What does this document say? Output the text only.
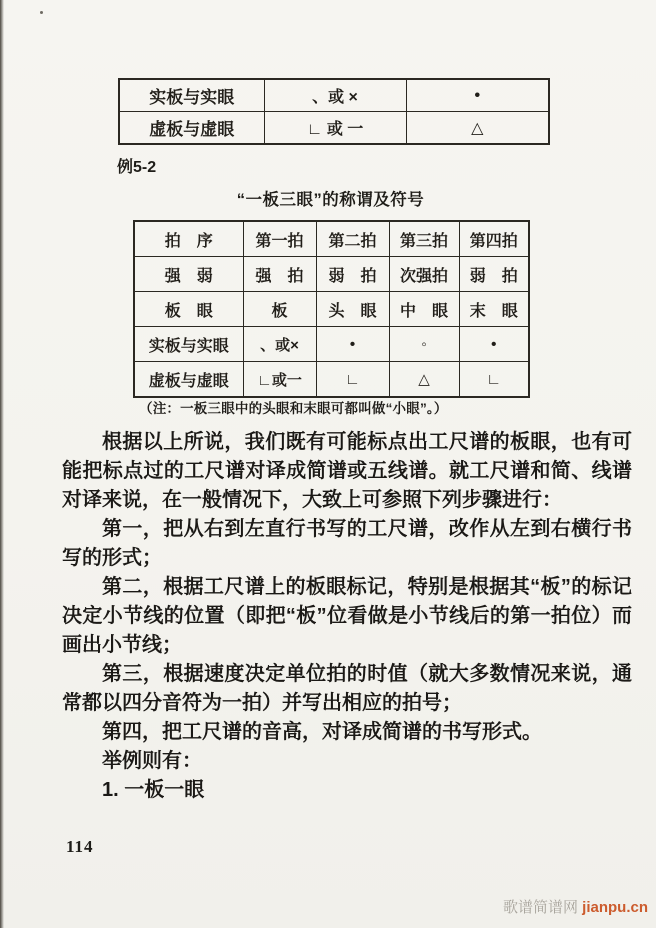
实板与实眼	、或 ×	•
虚板与虚眼	∟ 或 一	△
例5-2
“一板三眼”的称谓及符号
拍　序	第一拍	第二拍	第三拍	第四拍
强　弱	强　拍	弱　拍	次强拍	弱　拍
板　眼	板	头　眼	中　眼	末　眼
实板与实眼	、或×	•	◦	•
虚板与虚眼	∟或一	∟	△	∟
（注：一板三眼中的头眼和末眼可都叫做“小眼”。）

根据以上所说，我们既有可能标点出工尺谱的板眼，也有可能把标点过的工尺谱对译成简谱或五线谱。就工尺谱和简、线谱对译来说，在一般情况下，大致上可参照下列步骤进行：

第一，把从右到左直行书写的工尺谱，改作从左到右横行书写的形式；

第二，根据工尺谱上的板眼标记，特别是根据其“板”的标记决定小节线的位置（即把“板”位看做是小节线后的第一拍位）而画出小节线；

第三，根据速度决定单位拍的时值（就大多数情况来说，通常都以四分音符为一拍）并写出相应的拍号；

第四，把工尺谱的音高，对译成简谱的书写形式。

举例则有：

1. 一板一眼

114
歌谱简谱网 jianpu.cn
